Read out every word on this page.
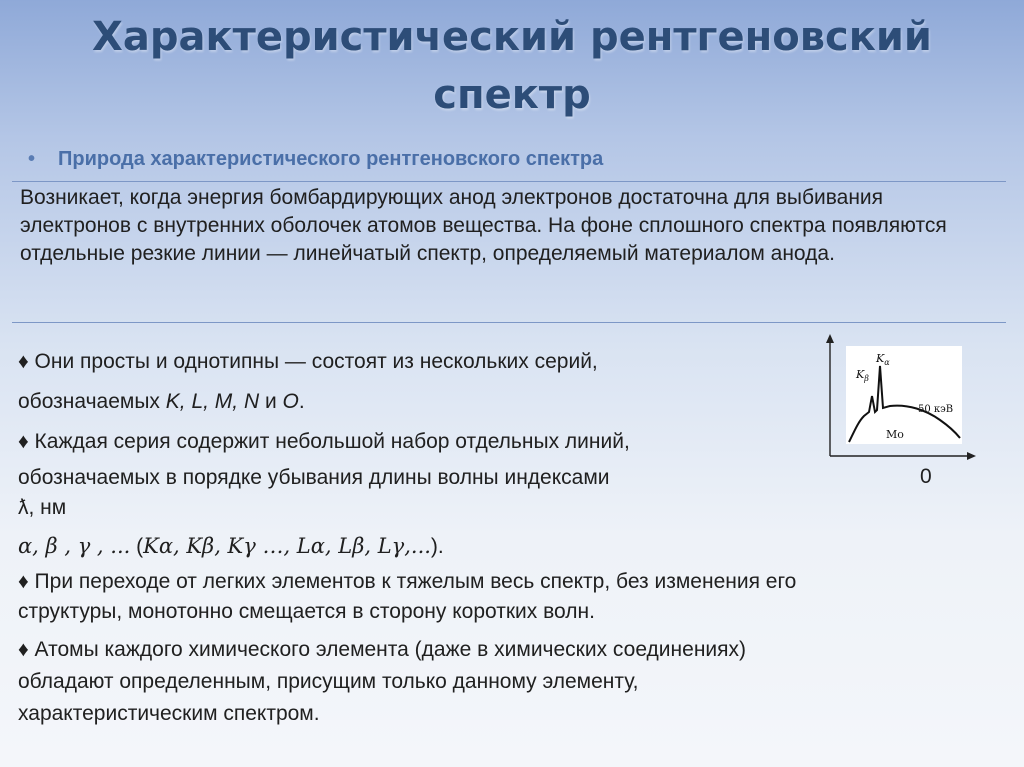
Характеристический рентгеновский
спектр
• Природа характеристического рентгеновского спектра
Возникает, когда энергия бомбардирующих анод электронов достаточна для выбивания электронов с внутренних оболочек атомов вещества. На фоне сплошного спектра появляются отдельные резкие линии — линейчатый спектр, определяемый материалом анода.
♦ Они просты и однотипны — состоят из нескольких серий,
обозначаемых K, L, M, N и O.
♦ Каждая серия содержит небольшой набор отдельных линий,
обозначаемых в порядке убывания длины волны индексами
ƛ, нм
α, β , γ , ... (Kα, Kβ, Kγ …, Lα, Lβ, Lγ,...).
♦ При переходе от легких элементов к тяжелым весь спектр, без изменения его
структуры, монотонно смещается в сторону коротких волн.
♦ Атомы каждого химического элемента (даже в химических соединениях)
обладают определенным, присущим только данному элементу,
характеристическим спектром.
$K_\alpha$
$K_\beta$
50 кэВ
Mo
0
